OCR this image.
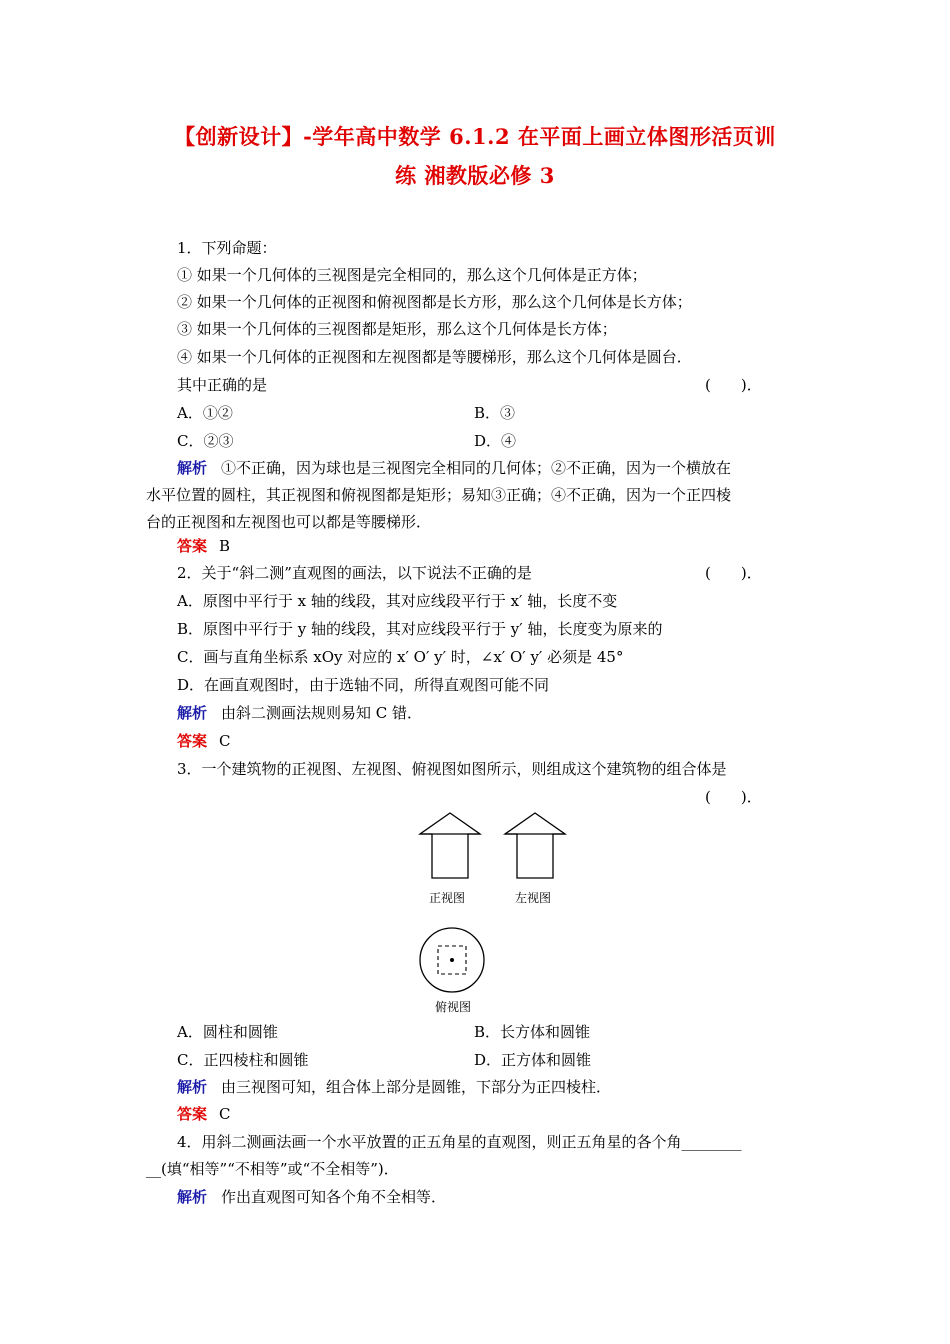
【创新设计】-学年高中数学 6.1.2 在平面上画立体图形活页训
练 湘教版必修 3
1．下列命题：
① 如果一个几何体的三视图是完全相同的，那么这个几何体是正方体；
② 如果一个几何体的正视图和俯视图都是长方形，那么这个几何体是长方体；
③ 如果一个几何体的三视图都是矩形，那么这个几何体是长方体；
④ 如果一个几何体的正视图和左视图都是等腰梯形，那么这个几何体是圆台．
其中正确的是	(　　)．
A．①②	B．③
C．②③	D．④
解析 ①不正确，因为球也是三视图完全相同的几何体；②不正确，因为一个横放在
水平位置的圆柱，其正视图和俯视图都是矩形；易知③正确；④不正确，因为一个正四棱
台的正视图和左视图也可以都是等腰梯形．
答案 B
2．关于“斜二测”直观图的画法，以下说法不正确的是	(　　)．
A．原图中平行于 x 轴的线段，其对应线段平行于 x′ 轴，长度不变
B．原图中平行于 y 轴的线段，其对应线段平行于 y′ 轴，长度变为原来的
C．画与直角坐标系 xOy 对应的 x′ O′ y′ 时，∠x′ O′ y′ 必须是 45°
D．在画直观图时，由于选轴不同，所得直观图可能不同
解析 由斜二测画法规则易知 C 错．
答案 C
3．一个建筑物的正视图、左视图、俯视图如图所示，则组成这个建筑物的组合体是
(　　)．
正视图	左视图
俯视图
A．圆柱和圆锥	B．长方体和圆锥
C．正四棱柱和圆锥	D．正方体和圆锥
解析 由三视图可知，组合体上部分是圆锥，下部分为正四棱柱．
答案 C
4．用斜二测画法画一个水平放置的正五角星的直观图，则正五角星的各个角________
__(填“相等”“不相等”或“不全相等”)．
解析 作出直观图可知各个角不全相等．
